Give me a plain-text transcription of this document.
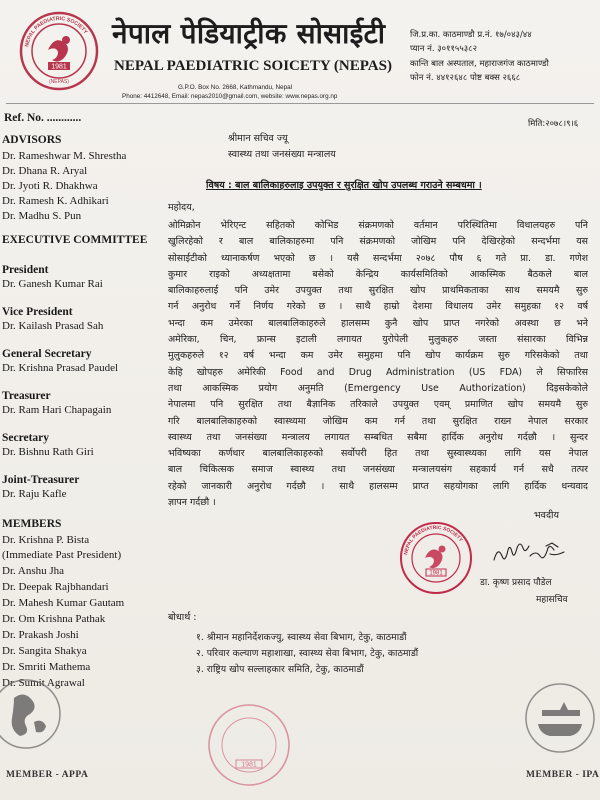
1981
NEPAL PAEDIATRIC SOCIETY
(NEPAS)
नेपाल पेडियाट्रीक सोसाईटी
NEPAL PAEDIATRIC SOICETY (NEPAS)
G.P.O. Box No. 2668, Kathmandu, Nepal
Phone: 4412648, Email: nepas2010@gmail.com, website: www.nepas.org.np
जि.प्र.का. काठमाण्डौ प्र.नं. १७/०४३/४४
प्यान नं. ३०११५५३८२
कान्ति बाल अस्पताल, महाराजगंज काठमाण्डौ
फोन नं. ४४१२६४८ पोष्ट बक्स २६६८
Ref. No. ............
ADVISORS
Dr. Rameshwar M. Shrestha
Dr. Dhana R. Aryal
Dr. Jyoti R. Dhakhwa
Dr. Ramesh K. Adhikari
Dr. Madhu S. Pun
EXECUTIVE COMMITTEE
President
Dr. Ganesh Kumar Rai
Vice President
Dr. Kailash Prasad Sah
General Secretary
Dr. Krishna Prasad Paudel
Treasurer
Dr. Ram Hari Chapagain
Secretary
Dr. Bishnu Rath Giri
Joint-Treasurer
Dr. Raju Kafle
MEMBERS
Dr. Krishna P. Bista
(Immediate Past President)
Dr. Anshu Jha
Dr. Deepak Rajbhandari
Dr. Mahesh Kumar Gautam
Dr. Om Krishna Pathak
Dr. Prakash Joshi
Dr. Sangita Shakya
Dr. Smriti Mathema
Dr. Sumit Agrawal
मिति:२०७८।९।६
श्रीमान सचिव ज्यू
स्वास्थ्य तथा जनसंख्या मन्त्रालय
विषय : बाल बालिकाहरुलाइ उपयुक्त र सुरक्षित खोप उपलब्ध गराउने सम्बधमा ।
महोदय,
ओमिक्रोन भेरिएन्ट सहितको कोभिड संक्रमणको वर्तमान परिस्थितिमा विधालयहरु पनि
खुलिरहेको र बाल बालिकाहरुमा पनि संक्रमणको जोखिम पनि देखिरहेको सन्दर्भमा यस
सोसाईटीको ध्यानाकर्षण भएको छ । यसै सन्दर्भमा २०७८ पौष ६ गते प्रा. डा. गणेश
कुमार राइको अध्यक्षतामा बसेको केन्द्रिय कार्यसमितिको आकस्मिक बैठकले बाल
बालिकाहरुलाई पनि उमेर उपयुक्त तथा सुरक्षित खोप प्राथमिकताका साथ समयमै सुरु
गर्न अनुरोध गर्ने निर्णय गरेको छ । साथै हाम्रो देशमा विधालय उमेर समुहका १२ वर्ष
भन्दा कम उमेरका बालबालिकाहरुले हालसम्म कुनै खोप प्राप्त नगरेको अवस्था छ भने
अमेरिका, चिन, फ्रान्स इटाली लगायत युरोपेली मुलुकहरु जस्ता संसारका विभिन्न
मुलुकहरुले १२ वर्ष भन्दा कम उमेर समुहमा पनि खोप कार्यक्रम सुरु गरिसकेको तथा
केहि खोपहरु अमेरिकी Food and Drug Administration (US FDA) ले सिफारिस
तथा आकस्मिक प्रयोग अनुमति (Emergency Use Authorization) दिइसकेकोले
नेपालमा पनि सुरक्षित तथा बैज्ञानिक तरिकाले उपयुक्त एवम् प्रमाणित खोप समयमै सुरु
गरि बालबालिकाहरुको स्वास्थ्यमा जोखिम कम गर्न तथा सुरक्षित राख्न नेपाल सरकार
स्वास्थ्य तथा जनसंख्या मन्त्रालय लगायत सम्बधित सबैमा हार्दिक अनुरोध गर्दछौ । सुन्दर
भविष्यका कर्णधार बालबालिकाहरुको सर्वोपरी हित तथा सुस्वास्थ्यका लागि यस नेपाल
बाल चिकित्सक समाज स्वास्थ्य तथा जनसंख्या मन्त्रालयसंग सहकार्य गर्न सधै तत्पर
रहेको जानकारी अनुरोध गर्दछौ । साथै हालसम्म प्राप्त सहयोगका लागि हार्दिक धन्यवाद
ज्ञापन गर्दछौ ।
भवदीय
1981
NEPAL PAEDIATRIC SOCIETY
डा. कृष्ण प्रसाद पौडेल
महासचिव
बोधार्थ :
१. श्रीमान महानिर्देशकज्यु, स्वास्थ्य सेवा बिभाग, टेकु, काठमाडौं
२. परिवार कल्याण महाशाखा, स्वास्थ्य सेवा बिभाग, टेकु, काठमाडौं
३. राष्ट्रिय खोप सल्लाहकार समिति, टेकु, काठमाडौं
1981
MEMBER - APPA	MEMBER - IPA
